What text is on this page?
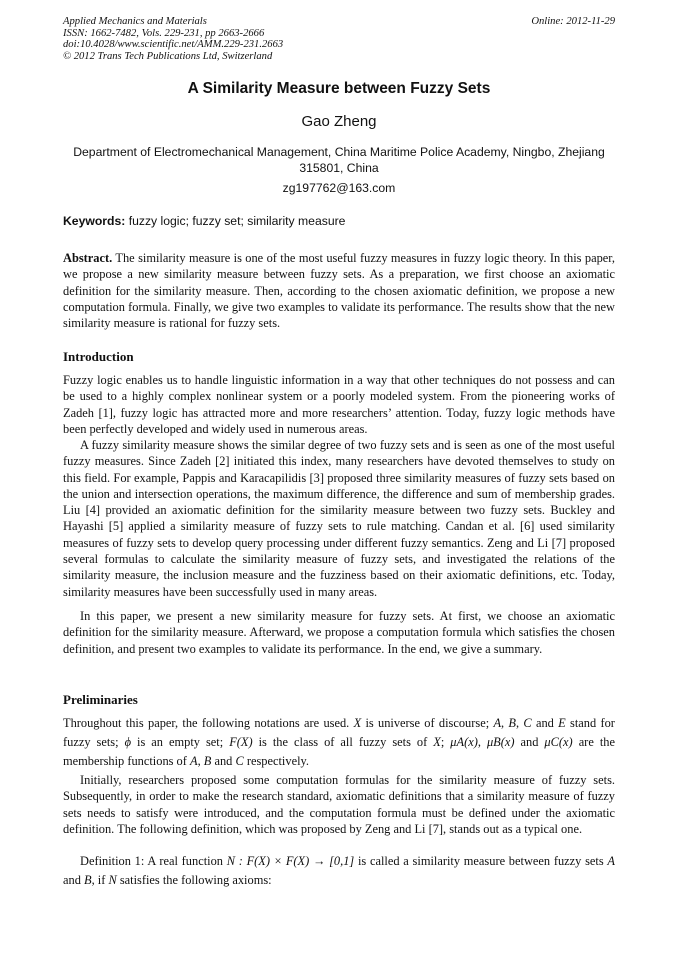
Applied Mechanics and Materials
ISSN: 1662-7482, Vols. 229-231, pp 2663-2666
doi:10.4028/www.scientific.net/AMM.229-231.2663
© 2012 Trans Tech Publications Ltd, Switzerland
Online: 2012-11-29
A Similarity Measure between Fuzzy Sets
Gao Zheng
Department of Electromechanical Management, China Maritime Police Academy, Ningbo, Zhejiang 315801, China
zg197762@163.com
Keywords: fuzzy logic; fuzzy set; similarity measure

Abstract. The similarity measure is one of the most useful fuzzy measures in fuzzy logic theory. In this paper, we propose a new similarity measure between fuzzy sets. As a preparation, we first choose an axiomatic definition for the similarity measure. Then, according to the chosen axiomatic definition, we propose a new computation formula. Finally, we give two examples to validate its performance. The results show that the new similarity measure is rational for fuzzy sets.

Introduction

Fuzzy logic enables us to handle linguistic information in a way that other techniques do not possess and can be used to a highly complex nonlinear system or a poorly modeled system. From the pioneering works of Zadeh [1], fuzzy logic has attracted more and more researchers’ attention. Today, fuzzy logic methods have been perfectly developed and widely used in numerous areas.

A fuzzy similarity measure shows the similar degree of two fuzzy sets and is seen as one of the most useful fuzzy measures. Since Zadeh [2] initiated this index, many researchers have devoted themselves to study on this field. For example, Pappis and Karacapilidis [3] proposed three similarity measures of fuzzy sets based on the union and intersection operations, the maximum difference, the difference and sum of membership grades. Liu [4] provided an axiomatic definition for the similarity measure between two fuzzy sets. Buckley and Hayashi [5] applied a similarity measure of fuzzy sets to rule matching. Candan et al. [6] used similarity measures of fuzzy sets to develop query processing under different fuzzy semantics. Zeng and Li [7] proposed several formulas to calculate the similarity measure of fuzzy sets, and investigated the relations of the similarity measure, the inclusion measure and the fuzziness based on their axiomatic definitions, etc. Today, similarity measures have been successfully used in many areas.

In this paper, we present a new similarity measure for fuzzy sets. At first, we choose an axiomatic definition for the similarity measure. Afterward, we propose a computation formula which satisfies the chosen definition, and present two examples to validate its performance. In the end, we give a summary.

Preliminaries

Throughout this paper, the following notations are used. X is universe of discourse; A, B, C and E stand for fuzzy sets; ϕ is an empty set; F(X) is the class of all fuzzy sets of X; μA(x), μB(x) and μC(x) are the membership functions of A, B and C respectively.

Initially, researchers proposed some computation formulas for the similarity measure of fuzzy sets. Subsequently, in order to make the research standard, axiomatic definitions that a similarity measure of fuzzy sets needs to satisfy were introduced, and the computation formula must be defined under the axiomatic definition. The following definition, which was proposed by Zeng and Li [7], stands out as a typical one.

Definition 1: A real function N : F(X) × F(X) → [0,1] is called a similarity measure between fuzzy sets A and B, if N satisfies the following axioms:
